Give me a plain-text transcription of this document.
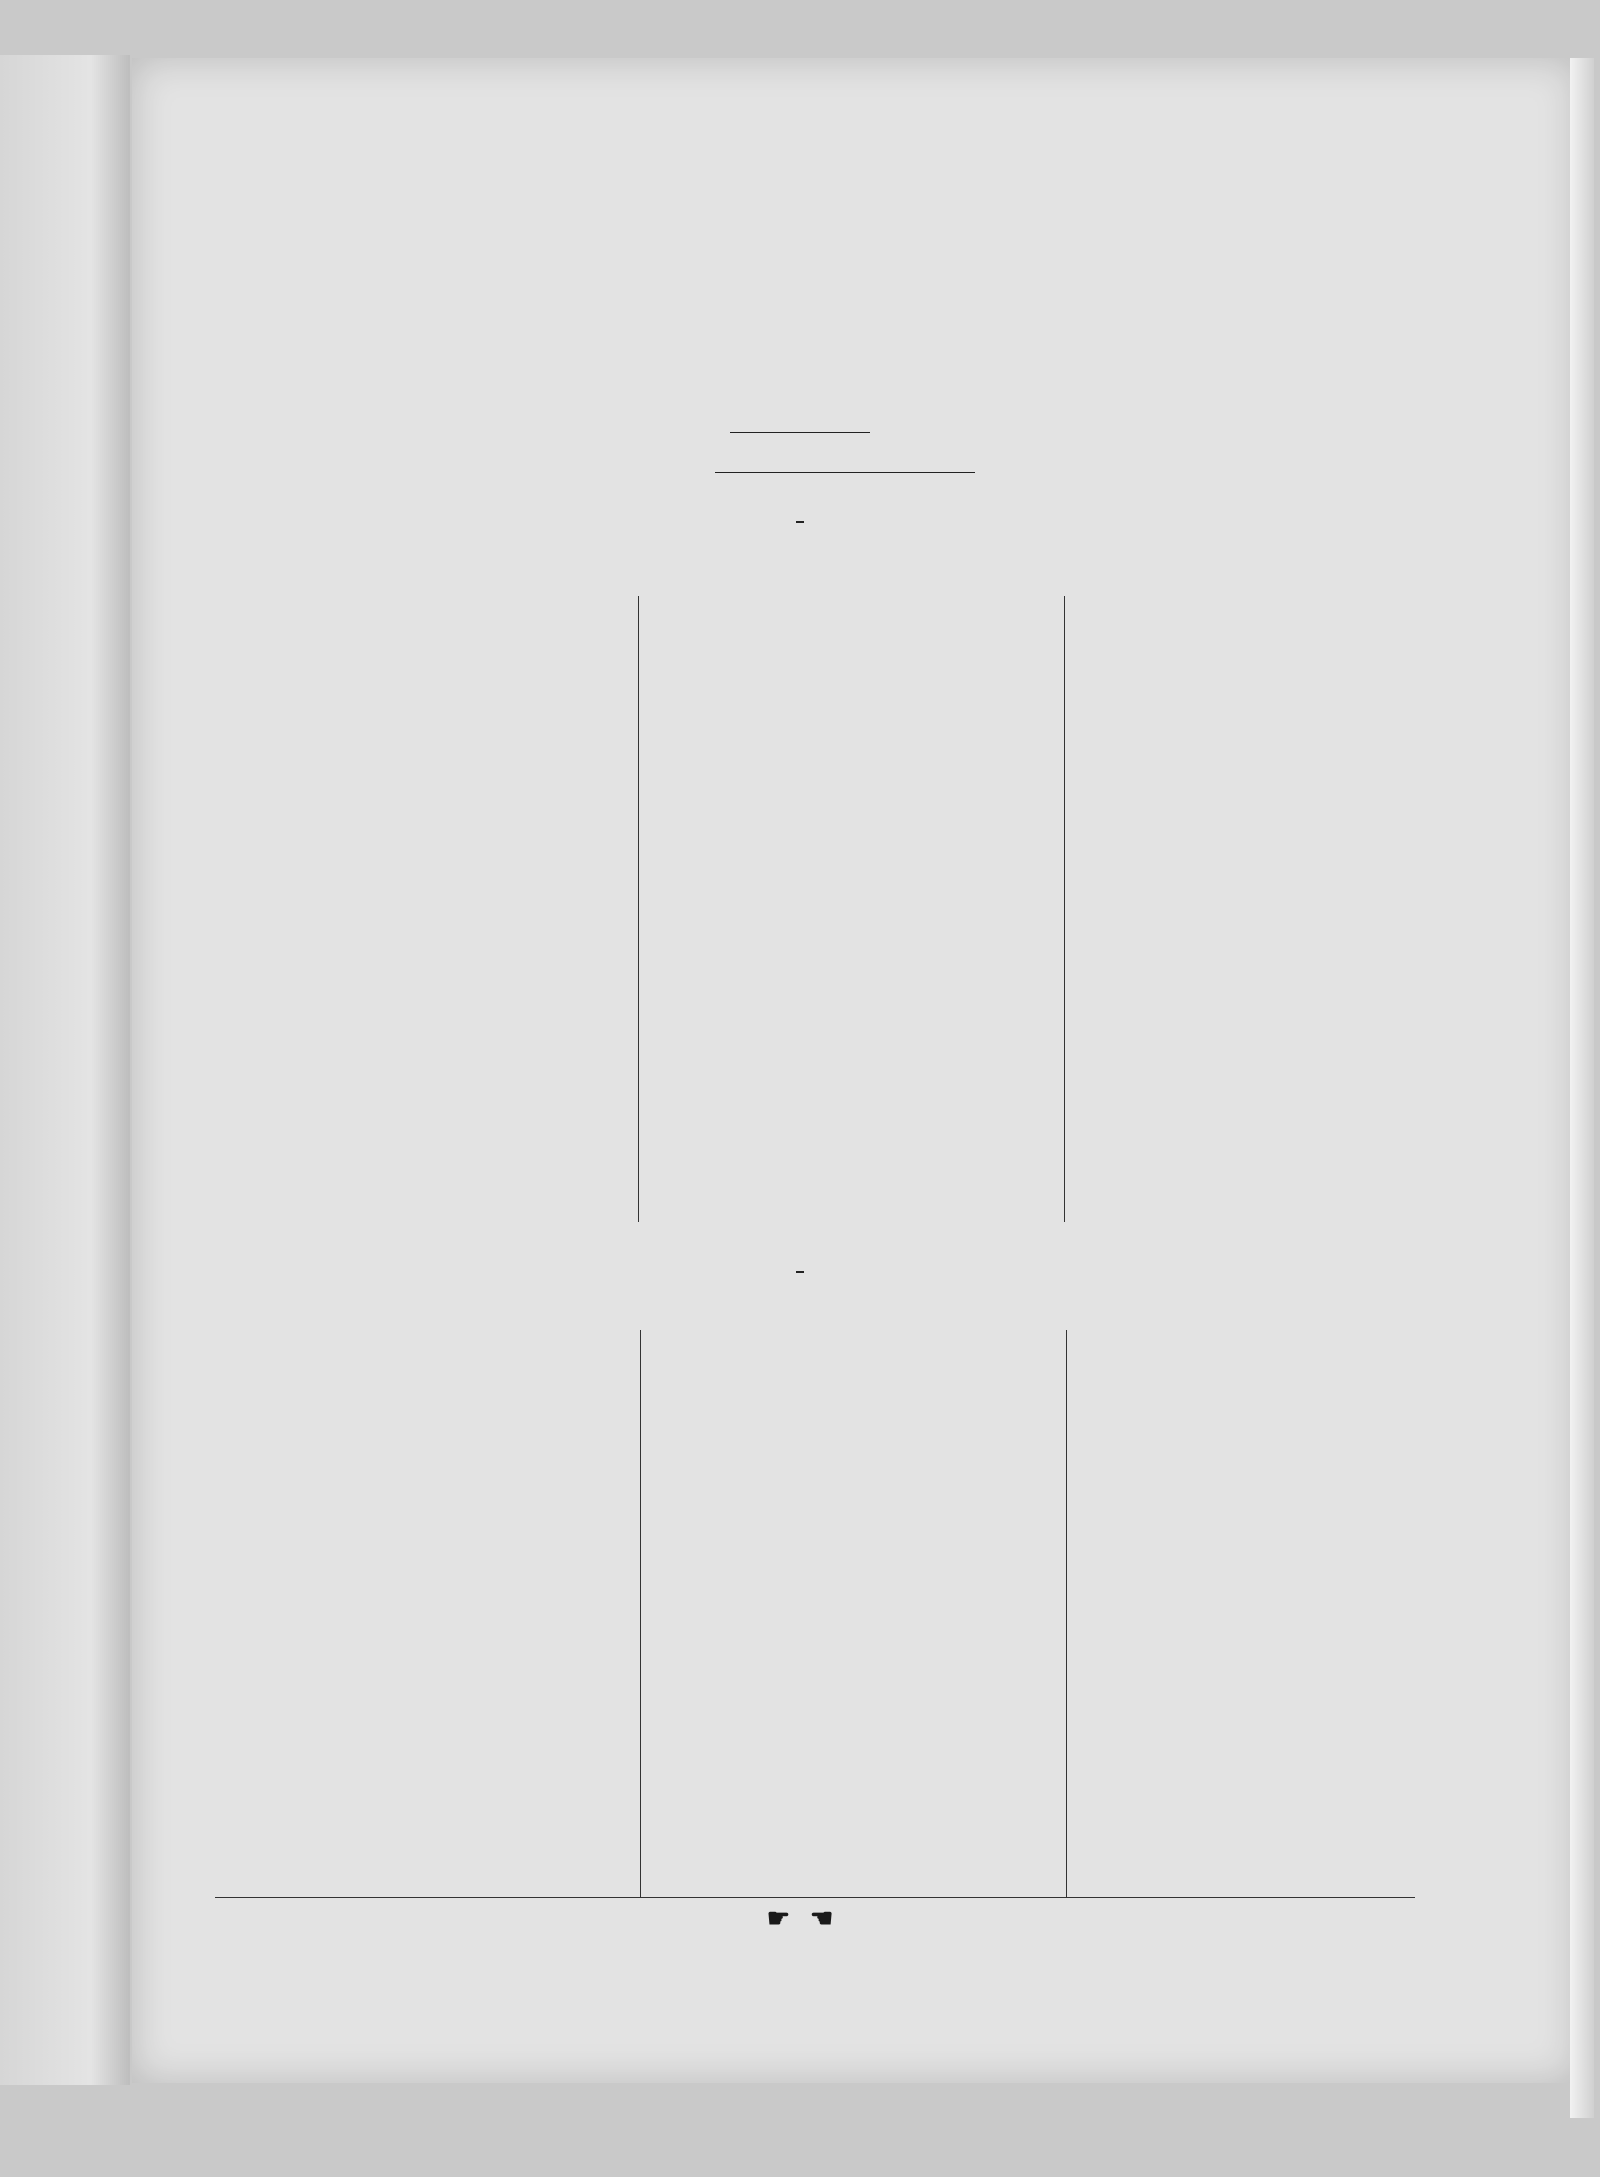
☛ ☚
